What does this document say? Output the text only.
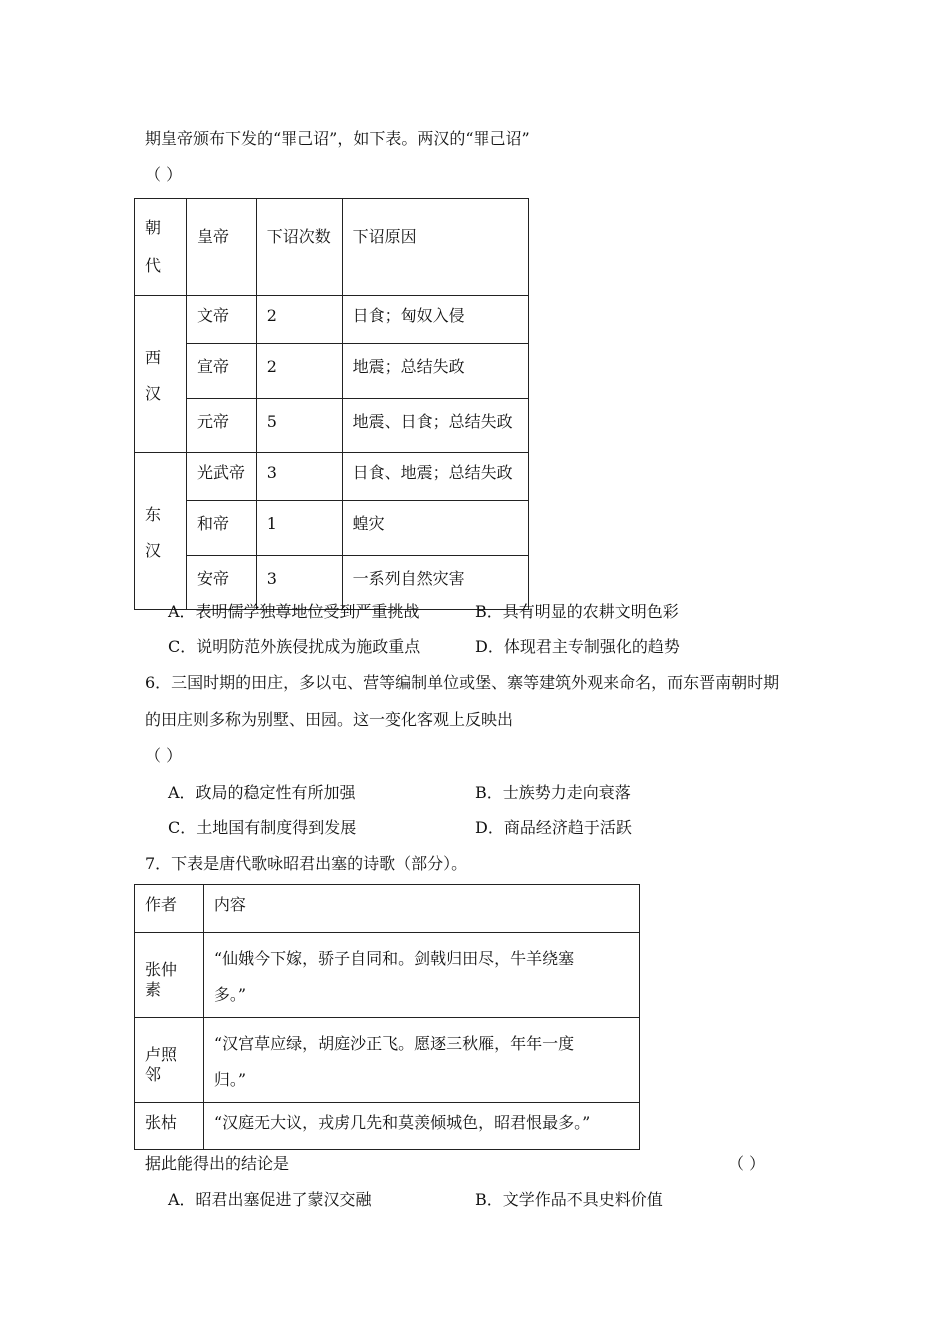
期皇帝颁布下发的“罪己诏”，如下表。两汉的“罪己诏”
（ ）
朝代	皇帝	下诏次数	下诏原因

西汉	文帝	2	日食；匈奴入侵

	宣帝	2	地震；总结失政

	元帝	5	地震、日食；总结失政

东汉	光武帝	3	日食、地震；总结失政

	和帝	1	蝗灾

	安帝	3	一系列自然灾害
A．表明儒学独尊地位受到严重挑战	B．具有明显的农耕文明色彩
C．说明防范外族侵扰成为施政重点	D．体现君主专制强化的趋势
6．三国时期的田庄，多以屯、营等编制单位或堡、寨等建筑外观来命名，而东晋南朝时期
的田庄则多称为别墅、田园。这一变化客观上反映出
（ ）
A．政局的稳定性有所加强	B．士族势力走向衰落
C．土地国有制度得到发展	D．商品经济趋于活跃
7．下表是唐代歌咏昭君出塞的诗歌（部分）。
作者	内容

张仲素	“仙娥今下嫁，骄子自同和。剑戟归田尽，牛羊绕塞
多。”

卢照邻	“汉宫草应绿，胡庭沙正飞。愿逐三秋雁，年年一度
归。”

张枯	“汉庭无大议，戎虏几先和莫羡倾城色，昭君恨最多。”
据此能得出的结论是	（ ）
A．昭君出塞促进了蒙汉交融	B．文学作品不具史料价值
